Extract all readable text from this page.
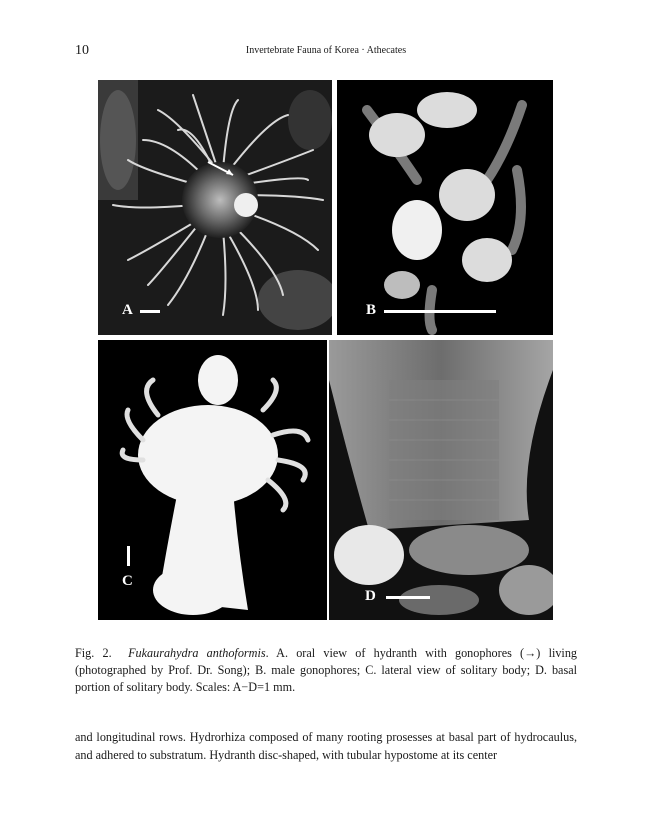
10	Invertebrate Fauna of Korea · Athecates
A	B
C
D
Fig. 2. Fukaurahydra anthoformis. A. oral view of hydranth with gonophores (→) living (photographed by Prof. Dr. Song); B. male gonophores; C. lateral view of solitary body; D. basal portion of solitary body. Scales: A−D=1 mm.
and longitudinal rows. Hydrorhiza composed of many rooting prosesses at basal part of hydrocaulus, and adhered to substratum. Hydranth disc-shaped, with tubular hypostome at its center
